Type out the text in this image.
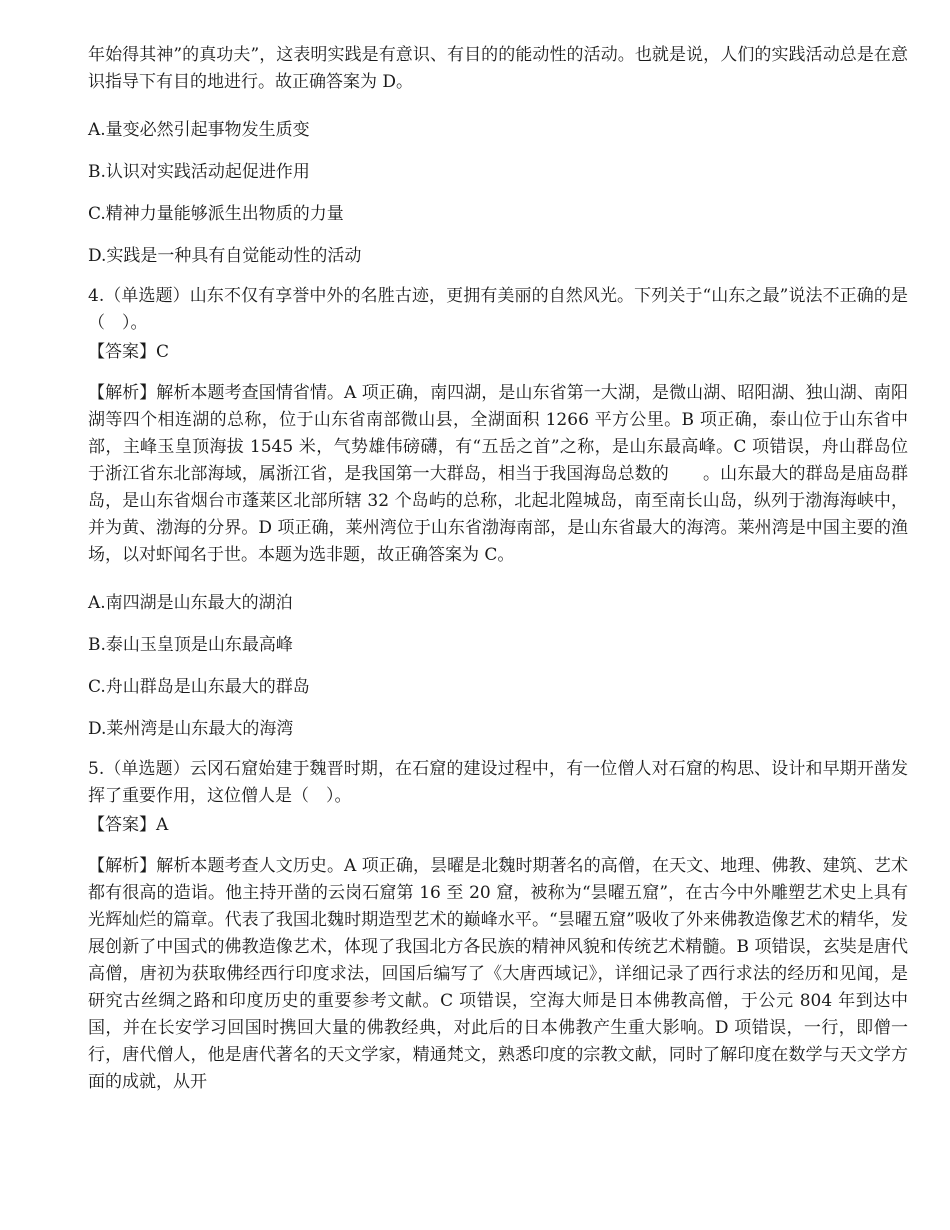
年始得其神”的真功夫”，这表明实践是有意识、有目的的能动性的活动。也就是说，人们的实践活动总是在意识指导下有目的地进行。故正确答案为 D。

A.量变必然引起事物发生质变

B.认识对实践活动起促进作用

C.精神力量能够派生出物质的力量

D.实践是一种具有自觉能动性的活动

4.（单选题）山东不仅有享誉中外的名胜古迹，更拥有美丽的自然风光。下列关于“山东之最”说法不正确的是（　）。

【答案】C

【解析】解析本题考查国情省情。A 项正确，南四湖，是山东省第一大湖，是微山湖、昭阳湖、独山湖、南阳湖等四个相连湖的总称，位于山东省南部微山县，全湖面积 1266 平方公里。B 项正确，泰山位于山东省中部，主峰玉皇顶海拔 1545 米，气势雄伟磅礴，有“五岳之首”之称，是山东最高峰。C 项错误，舟山群岛位于浙江省东北部海域，属浙江省，是我国第一大群岛，相当于我国海岛总数的　　。山东最大的群岛是庙岛群岛，是山东省烟台市蓬莱区北部所辖 32 个岛屿的总称，北起北隍城岛，南至南长山岛，纵列于渤海海峡中，并为黄、渤海的分界。D 项正确，莱州湾位于山东省渤海南部，是山东省最大的海湾。莱州湾是中国主要的渔场，以对虾闻名于世。本题为选非题，故正确答案为 C。

A.南四湖是山东最大的湖泊

B.泰山玉皇顶是山东最高峰

C.舟山群岛是山东最大的群岛

D.莱州湾是山东最大的海湾

5.（单选题）云冈石窟始建于魏晋时期，在石窟的建设过程中，有一位僧人对石窟的构思、设计和早期开凿发挥了重要作用，这位僧人是（　）。

【答案】A

【解析】解析本题考查人文历史。A 项正确，昙曜是北魏时期著名的高僧，在天文、地理、佛教、建筑、艺术都有很高的造诣。他主持开凿的云岗石窟第 16 至 20 窟，被称为“昙曜五窟”，在古今中外雕塑艺术史上具有光辉灿烂的篇章。代表了我国北魏时期造型艺术的巅峰水平。“昙曜五窟”吸收了外来佛教造像艺术的精华，发展创新了中国式的佛教造像艺术，体现了我国北方各民族的精神风貌和传统艺术精髓。B 项错误，玄奘是唐代高僧，唐初为获取佛经西行印度求法，回国后编写了《大唐西域记》，详细记录了西行求法的经历和见闻，是研究古丝绸之路和印度历史的重要参考文献。C 项错误，空海大师是日本佛教高僧，于公元 804 年到达中国，并在长安学习回国时携回大量的佛教经典，对此后的日本佛教产生重大影响。D 项错误，一行，即僧一行，唐代僧人，他是唐代著名的天文学家，精通梵文，熟悉印度的宗教文献，同时了解印度在数学与天文学方面的成就，从开
